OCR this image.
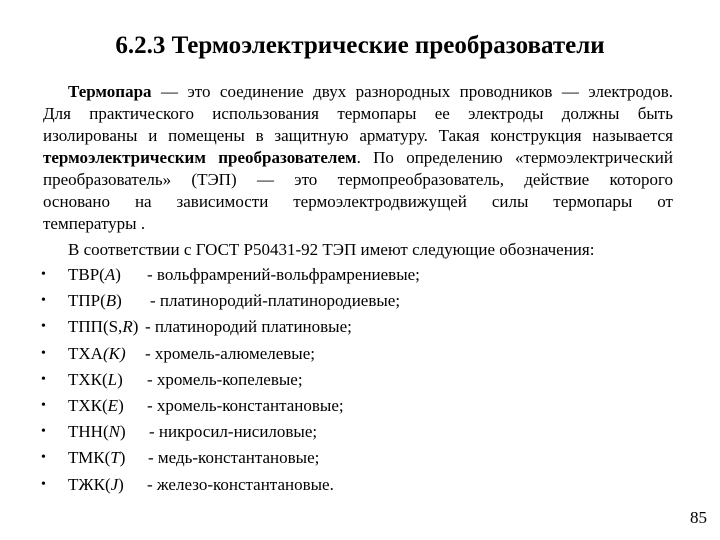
6.2.3 Термоэлектрические преобразователи
Термопара — это соединение двух разнородных проводников — электродов.
Для практического использования термопары ее электроды должны быть
изолированы и помещены в защитную арматуру. Такая конструкция называется
термоэлектрическим преобразователем. По определению «термоэлектрический
преобразователь» (ТЭП) — это термопреобразователь, действие которого
основано на зависимости термоэлектродвижущей силы термопары от
температуры .
В соответствии с ГОСТ Р50431-92 ТЭП имеют следующие обозначения:
• ТВР(A) - вольфрамрений-вольфрамрениевые;
• ТПР(B) - платинородий-платинородиевые;
• ТПП(S,R) - платинородий платиновые;
• ТХА(K) - хромель-алюмелевые;
• ТХК(L) - хромель-копелевые;
• ТХК(E) - хромель-константановые;
• ТНН(N) - никросил-нисиловые;
• ТМК(T) - медь-константановые;
• ТЖК(J) - железо-константановые.
85
